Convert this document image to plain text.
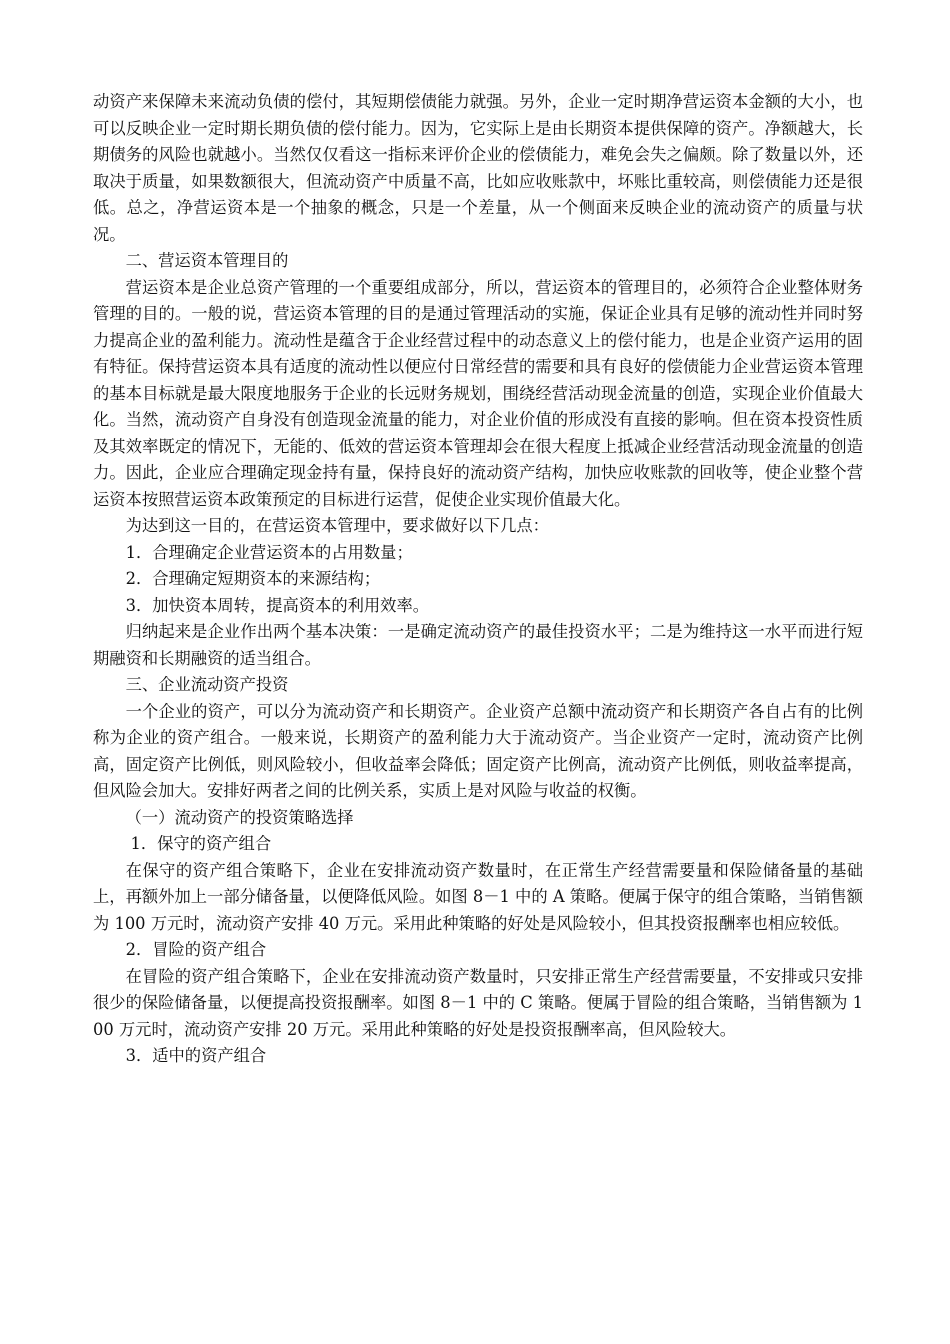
动资产来保障未来流动负债的偿付，其短期偿债能力就强。另外，企业一定时期净营运资本金额的大小，也可以反映企业一定时期长期负债的偿付能力。因为，它实际上是由长期资本提供保障的资产。净额越大，长期债务的风险也就越小。当然仅仅看这一指标来评价企业的偿债能力，难免会失之偏颇。除了数量以外，还取决于质量，如果数额很大，但流动资产中质量不高，比如应收账款中，坏账比重较高，则偿债能力还是很低。总之，净营运资本是一个抽象的概念，只是一个差量，从一个侧面来反映企业的流动资产的质量与状况。

二、营运资本管理目的

营运资本是企业总资产管理的一个重要组成部分，所以，营运资本的管理目的，必须符合企业整体财务管理的目的。一般的说，营运资本管理的目的是通过管理活动的实施，保证企业具有足够的流动性并同时努力提高企业的盈利能力。流动性是蕴含于企业经营过程中的动态意义上的偿付能力，也是企业资产运用的固有特征。保持营运资本具有适度的流动性以便应付日常经营的需要和具有良好的偿债能力企业营运资本管理的基本目标就是最大限度地服务于企业的长远财务规划，围绕经营活动现金流量的创造，实现企业价值最大化。当然，流动资产自身没有创造现金流量的能力，对企业价值的形成没有直接的影响。但在资本投资性质及其效率既定的情况下，无能的、低效的营运资本管理却会在很大程度上抵减企业经营活动现金流量的创造力。因此，企业应合理确定现金持有量，保持良好的流动资产结构，加快应收账款的回收等，使企业整个营运资本按照营运资本政策预定的目标进行运营，促使企业实现价值最大化。

为达到这一目的，在营运资本管理中，要求做好以下几点：

1．合理确定企业营运资本的占用数量；

2．合理确定短期资本的来源结构；

3．加快资本周转，提高资本的利用效率。

归纳起来是企业作出两个基本决策：一是确定流动资产的最佳投资水平；二是为维持这一水平而进行短期融资和长期融资的适当组合。

三、企业流动资产投资

一个企业的资产，可以分为流动资产和长期资产。企业资产总额中流动资产和长期资产各自占有的比例称为企业的资产组合。一般来说，长期资产的盈利能力大于流动资产。当企业资产一定时，流动资产比例高，固定资产比例低，则风险较小，但收益率会降低；固定资产比例高，流动资产比例低，则收益率提高，但风险会加大。安排好两者之间的比例关系，实质上是对风险与收益的权衡。

（一）流动资产的投资策略选择

1．保守的资产组合

在保守的资产组合策略下，企业在安排流动资产数量时，在正常生产经营需要量和保险储备量的基础上，再额外加上一部分储备量，以便降低风险。如图 8－1 中的 A 策略。便属于保守的组合策略，当销售额为 100 万元时，流动资产安排 40 万元。采用此种策略的好处是风险较小，但其投资报酬率也相应较低。

2．冒险的资产组合

在冒险的资产组合策略下，企业在安排流动资产数量时，只安排正常生产经营需要量，不安排或只安排很少的保险储备量，以便提高投资报酬率。如图 8－1 中的 C 策略。便属于冒险的组合策略，当销售额为 100 万元时，流动资产安排 20 万元。采用此种策略的好处是投资报酬率高，但风险较大。

3．适中的资产组合
